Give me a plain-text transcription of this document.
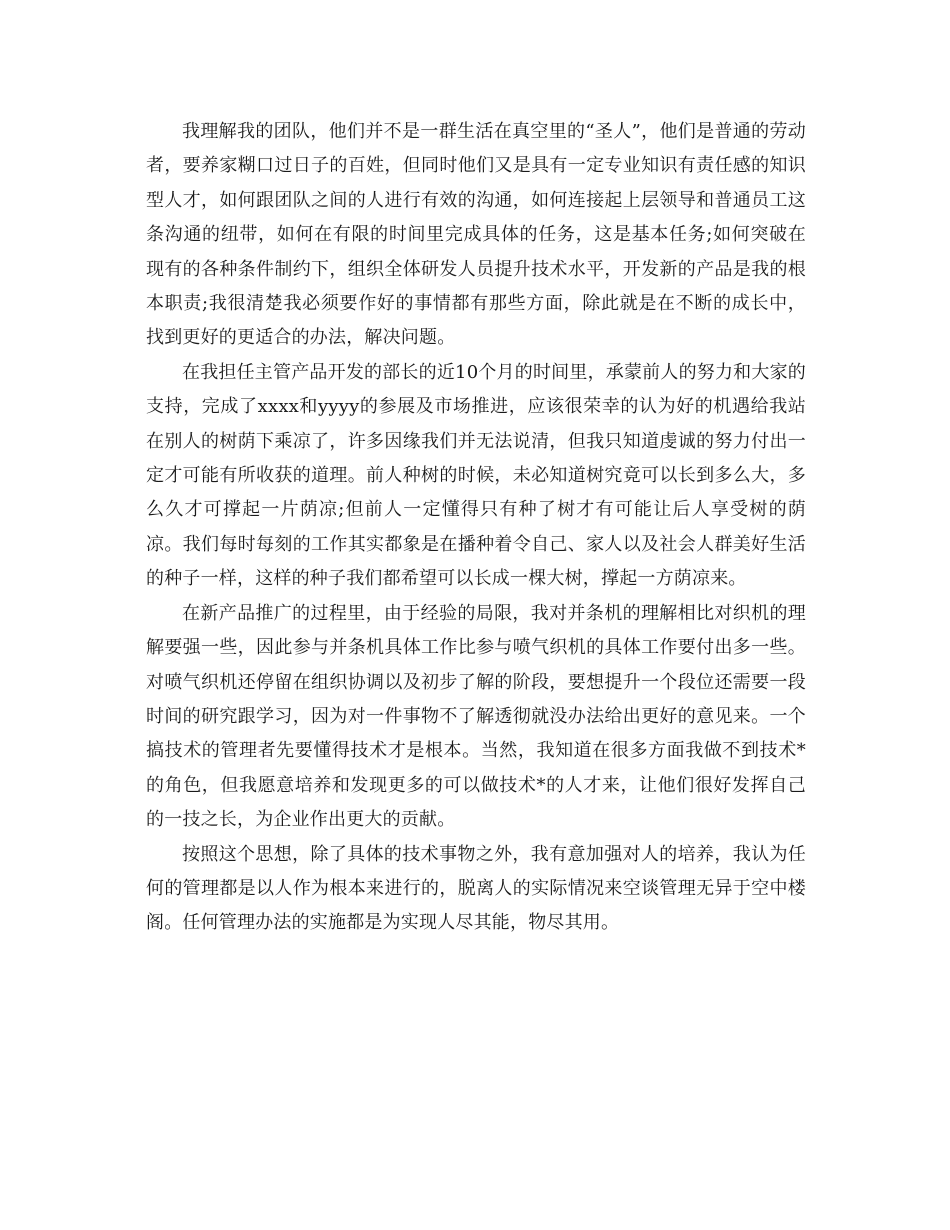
我理解我的团队，他们并不是一群生活在真空里的“圣人”，他们是普通的劳动者，要养家糊口过日子的百姓，但同时他们又是具有一定专业知识有责任感的知识型人才，如何跟团队之间的人进行有效的沟通，如何连接起上层领导和普通员工这条沟通的纽带，如何在有限的时间里完成具体的任务，这是基本任务;如何突破在现有的各种条件制约下，组织全体研发人员提升技术水平，开发新的产品是我的根本职责;我很清楚我必须要作好的事情都有那些方面，除此就是在不断的成长中，找到更好的更适合的办法，解决问题。

在我担任主管产品开发的部长的近10个月的时间里，承蒙前人的努力和大家的支持，完成了xxxx和yyyy的参展及市场推进，应该很荣幸的认为好的机遇给我站在别人的树荫下乘凉了，许多因缘我们并无法说清，但我只知道虔诚的努力付出一定才可能有所收获的道理。前人种树的时候，未必知道树究竟可以长到多么大，多么久才可撑起一片荫凉;但前人一定懂得只有种了树才有可能让后人享受树的荫凉。我们每时每刻的工作其实都象是在播种着令自己、家人以及社会人群美好生活的种子一样，这样的种子我们都希望可以长成一棵大树，撑起一方荫凉来。

在新产品推广的过程里，由于经验的局限，我对并条机的理解相比对织机的理解要强一些，因此参与并条机具体工作比参与喷气织机的具体工作要付出多一些。对喷气织机还停留在组织协调以及初步了解的阶段，要想提升一个段位还需要一段时间的研究跟学习，因为对一件事物不了解透彻就没办法给出更好的意见来。一个搞技术的管理者先要懂得技术才是根本。当然，我知道在很多方面我做不到技术*的角色，但我愿意培养和发现更多的可以做技术*的人才来，让他们很好发挥自己的一技之长，为企业作出更大的贡献。

按照这个思想，除了具体的技术事物之外，我有意加强对人的培养，我认为任何的管理都是以人作为根本来进行的，脱离人的实际情况来空谈管理无异于空中楼阁。任何管理办法的实施都是为实现人尽其能，物尽其用。
